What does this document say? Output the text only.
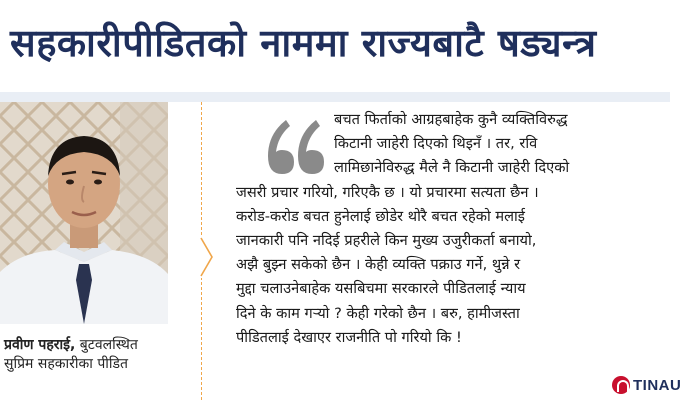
सहकारीपीडितको नाममा राज्यबाटै षड्यन्त्र
प्रवीण पहराई, बुटवलस्थित
सुप्रिम सहकारीका पीडित
बचत फिर्ताको आग्रहबाहेक कुनै व्यक्तिविरुद्ध
किटानी जाहेरी दिएको थिइनँ । तर, रवि
लामिछानेविरुद्ध मैले नै किटानी जाहेरी दिएको
जसरी प्रचार गरियो, गरिएकै छ । यो प्रचारमा सत्यता छैन ।
करोड-करोड बचत हुनेलाई छोडेर थोरै बचत रहेको मलाई
जानकारी पनि नदिई प्रहरीले किन मुख्य उजुरीकर्ता बनायो,
अझै बुझ्न सकेको छैन । केही व्यक्ति पक्राउ गर्ने, थुन्ने र
मुद्दा चलाउनेबाहेक यसबिचमा सरकारले पीडितलाई न्याय
दिने के काम गऱ्यो ? केही गरेको छैन । बरु, हामीजस्ता
पीडितलाई देखाएर राजनीति पो गरियो कि !
TINAU
